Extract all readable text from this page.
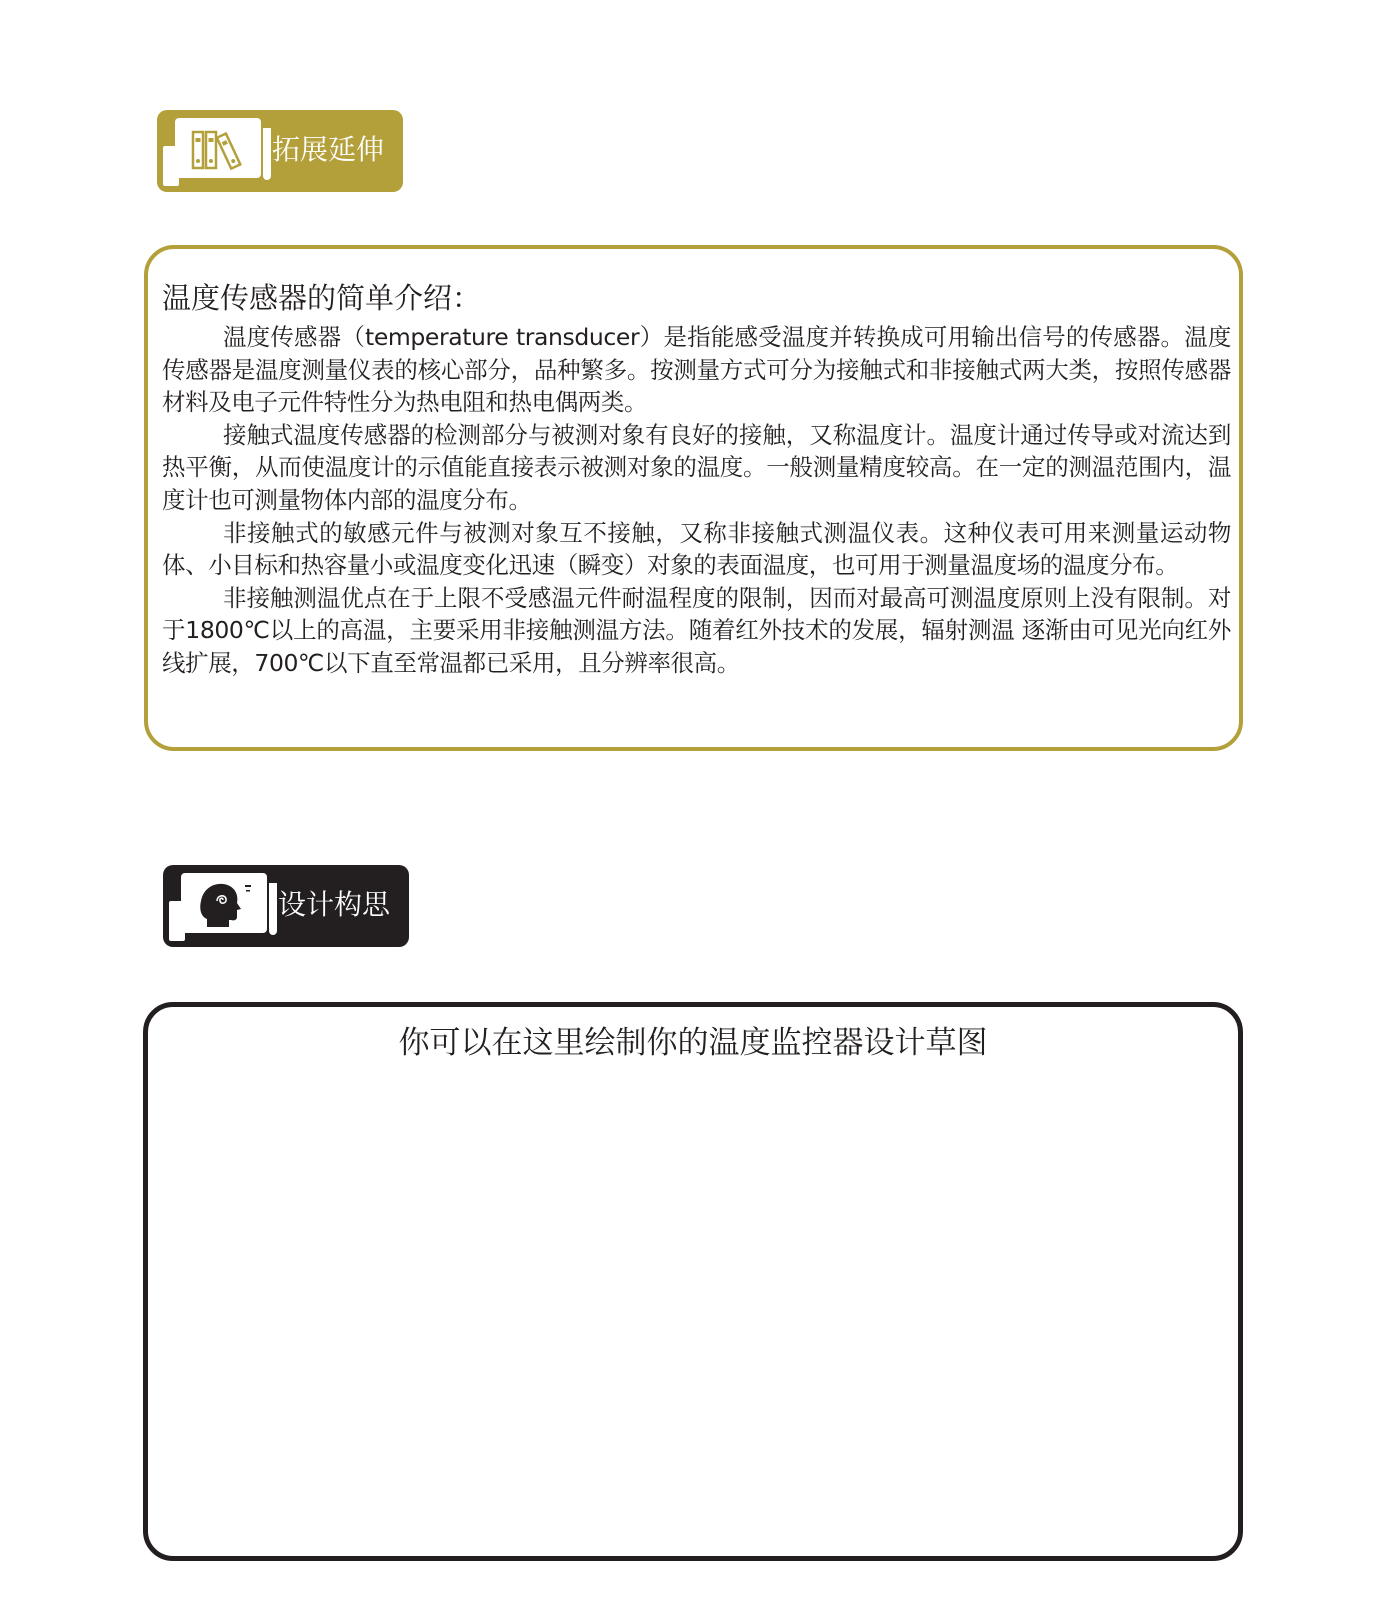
拓展延伸
温度传感器的简单介绍：

温度传感器（temperature transducer）是指能感受温度并转换成可用输出信号的传感器。温度传感器是温度测量仪表的核心部分，品种繁多。按测量方式可分为接触式和非接触式两大类，按照传感器材料及电子元件特性分为热电阻和热电偶两类。

接触式温度传感器的检测部分与被测对象有良好的接触，又称温度计。温度计通过传导或对流达到热平衡，从而使温度计的示值能直接表示被测对象的温度。一般测量精度较高。在一定的测温范围内，温度计也可测量物体内部的温度分布。

非接触式的敏感元件与被测对象互不接触，又称非接触式测温仪表。这种仪表可用来测量运动物体、小目标和热容量小或温度变化迅速（瞬变）对象的表面温度，也可用于测量温度场的温度分布。

非接触测温优点在于上限不受感温元件耐温程度的限制，因而对最高可测温度原则上没有限制。对于1800℃以上的高温，主要采用非接触测温方法。随着红外技术的发展，辐射测温 逐渐由可见光向红外线扩展，700℃以下直至常温都已采用，且分辨率很高。

设计构思
你可以在这里绘制你的温度监控器设计草图
